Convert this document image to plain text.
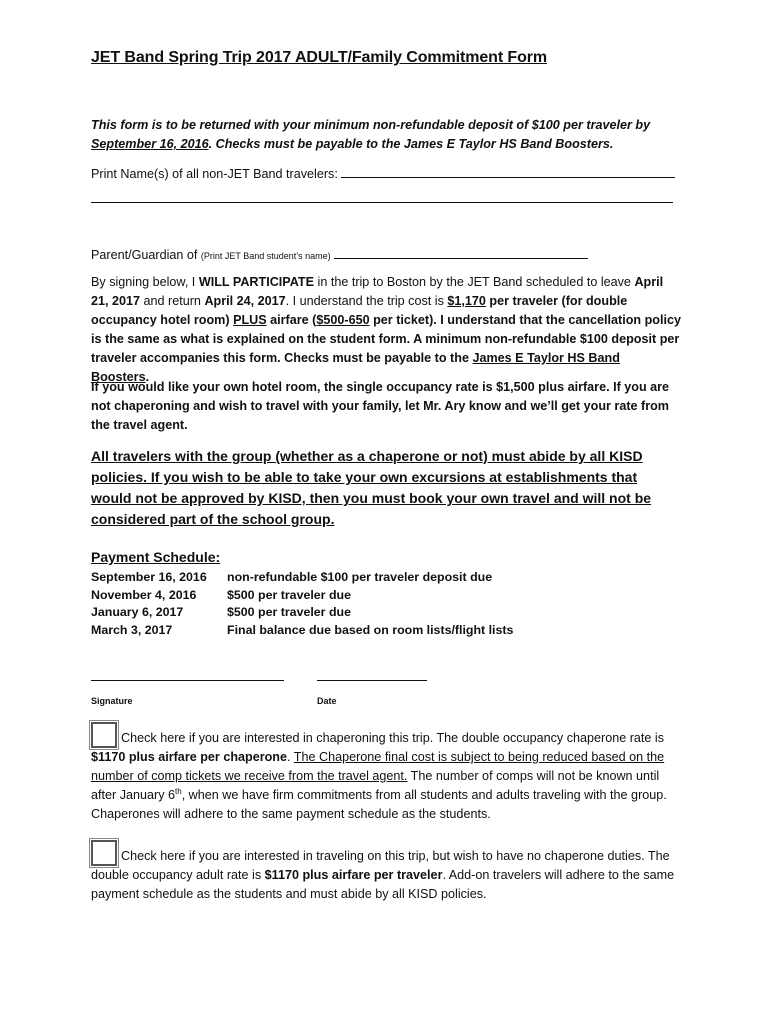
JET Band Spring Trip 2017 ADULT/Family Commitment Form
This form is to be returned with your minimum non-refundable deposit of $100 per traveler by September 16, 2016. Checks must be payable to the James E Taylor HS Band Boosters.
Print Name(s) of all non-JET Band travelers:
Parent/Guardian of (Print JET Band student’s name)
By signing below, I WILL PARTICIPATE in the trip to Boston by the JET Band scheduled to leave April 21, 2017 and return April 24, 2017. I understand the trip cost is $1,170 per traveler (for double occupancy hotel room) PLUS airfare ($500-650 per ticket). I understand that the cancellation policy is the same as what is explained on the student form. A minimum non-refundable $100 deposit per traveler accompanies this form. Checks must be payable to the James E Taylor HS Band Boosters.
If you would like your own hotel room, the single occupancy rate is $1,500 plus airfare. If you are not chaperoning and wish to travel with your family, let Mr. Ary know and we’ll get your rate from the travel agent.
All travelers with the group (whether as a chaperone or not) must abide by all KISD policies. If you wish to be able to take your own excursions at establishments that would not be approved by KISD, then you must book your own travel and will not be considered part of the school group.
Payment Schedule:
September 16, 2016 non-refundable $100 per traveler deposit due
November 4, 2016 $500 per traveler due
January 6, 2017	$500 per traveler due
March 3, 2017	Final balance due based on room lists/flight lists
Signature	Date
Check here if you are interested in chaperoning this trip. The double occupancy chaperone rate is $1170 plus airfare per chaperone. The Chaperone final cost is subject to being reduced based on the number of comp tickets we receive from the travel agent. The number of comps will not be known until after January 6th, when we have firm commitments from all students and adults traveling with the group. Chaperones will adhere to the same payment schedule as the students.
Check here if you are interested in traveling on this trip, but wish to have no chaperone duties. The double occupancy adult rate is $1170 plus airfare per traveler. Add-on travelers will adhere to the same payment schedule as the students and must abide by all KISD policies.
